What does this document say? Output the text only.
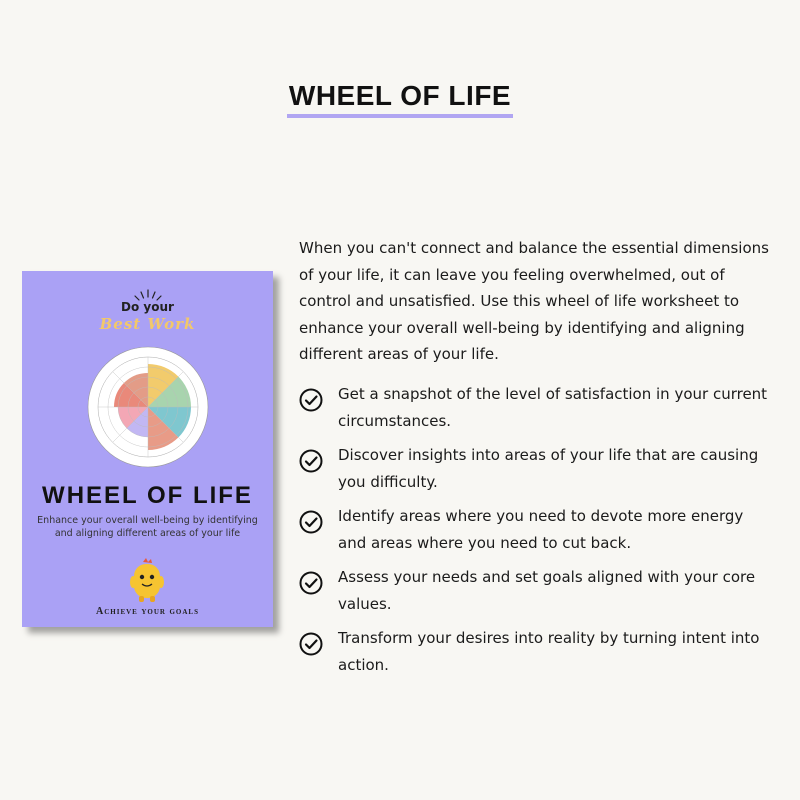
WHEEL OF LIFE
Do your
Best Work
WHEEL OF LIFE
Enhance your overall well-being by identifying and aligning different areas of your life
Achieve your goals

When you can't connect and balance the essential dimensions of your life, it can leave you feeling overwhelmed, out of control and unsatisfied. Use this wheel of life worksheet to enhance your overall well-being by identifying and aligning different areas of your life.

Get a snapshot of the level of satisfaction in your current circumstances.
Discover insights into areas of your life that are causing you difficulty.
Identify areas where you need to devote more energy and areas where you need to cut back.
Assess your needs and set goals aligned with your core values.
Transform your desires into reality by turning intent into action.
